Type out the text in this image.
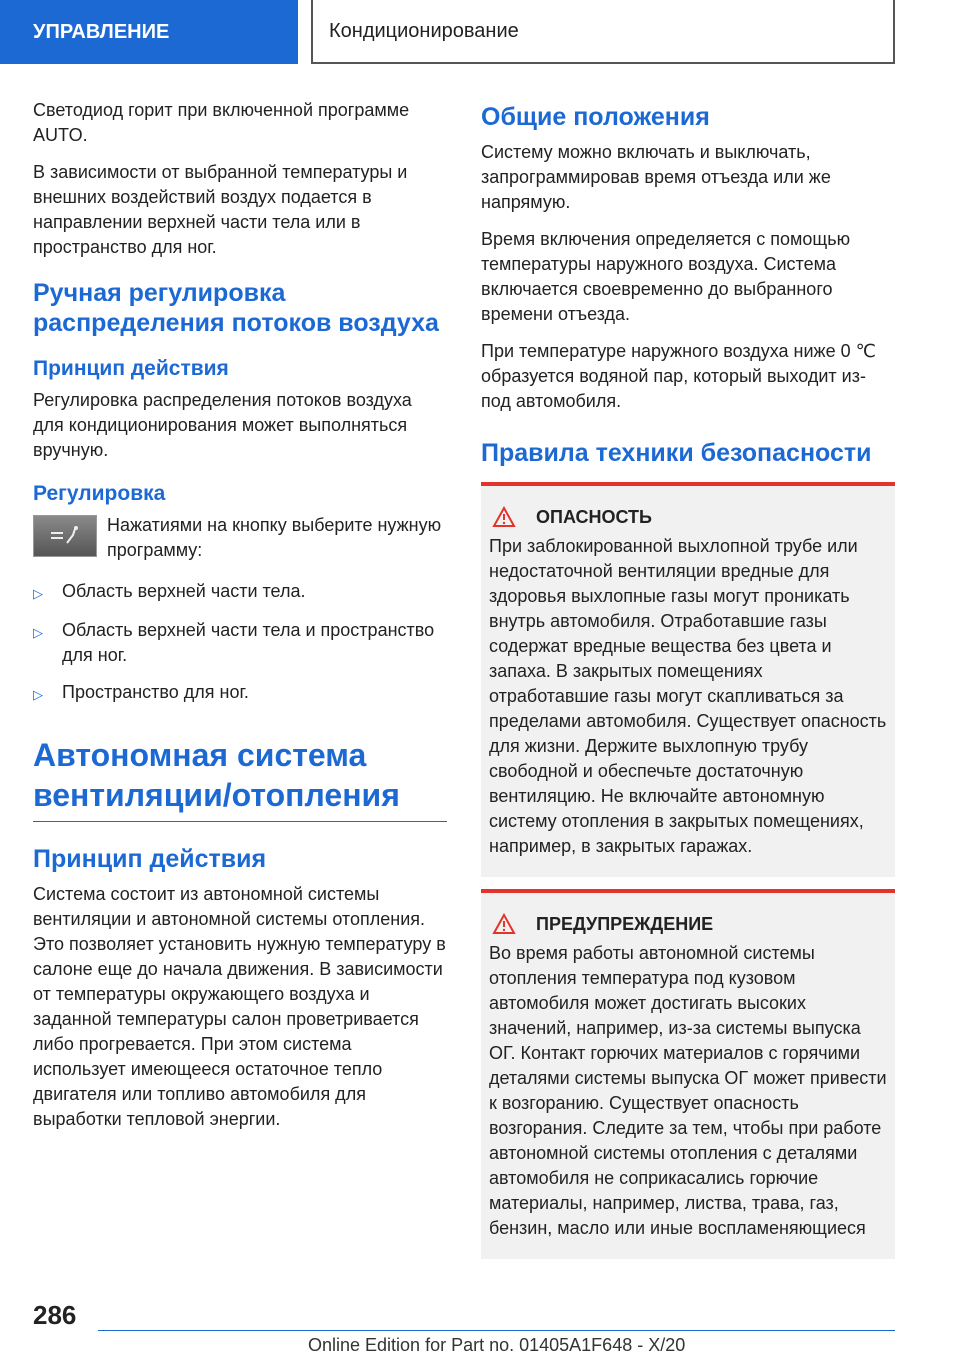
УПРАВЛЕНИЕ	Кондиционирование

Светодиод горит при включенной программе AUTO.

В зависимости от выбранной температуры и внешних воздействий воздух подается в направлении верхней части тела или в пространство для ног.

Ручная регулировка распределения потоков воздуха
Принцип действия

Регулировка распределения потоков воздуха для кондиционирования может выполняться вручную.

Регулировка

Нажатиями на кнопку выберите нужную программу:

▷	Область верхней части тела.
▷	Область верхней части тела и пространство для ног.
▷	Пространство для ног.
Автономная система вентиляции/отопления
Принцип действия

Система состоит из автономной системы вентиляции и автономной системы отопления. Это позволяет установить нужную температуру в салоне еще до начала движения. В зависимости от температуры окружающего воздуха и заданной температуры салон проветривается либо прогревается. При этом система использует имеющееся остаточное тепло двигателя или топливо автомобиля для выработки тепловой энергии.

Общие положения

Систему можно включать и выключать, запрограммировав время отъезда или же напрямую.

Время включения определяется с помощью температуры наружного воздуха. Система включается своевременно до выбранного времени отъезда.

При температуре наружного воздуха ниже 0 ℃ образуется водяной пар, который выходит из-под автомобиля.

Правила техники безопасности
ОПАСНОСТЬ

При заблокированной выхлопной трубе или недостаточной вентиляции вредные для здоровья выхлопные газы могут проникать внутрь автомобиля. Отработавшие газы содержат вредные вещества без цвета и запаха. В закрытых помещениях отработавшие газы могут скапливаться за пределами автомобиля. Существует опасность для жизни. Держите выхлопную трубу свободной и обеспечьте достаточную вентиляцию. Не включайте автономную систему отопления в закрытых помещениях, например, в закрытых гаражах.

ПРЕДУПРЕЖДЕНИЕ

Во время работы автономной системы отопления температура под кузовом автомобиля может достигать высоких значений, например, из-за системы выпуска ОГ. Контакт горючих материалов с горячими деталями системы выпуска ОГ может привести к возгоранию. Существует опасность возгорания. Следите за тем, чтобы при работе автономной системы отопления с деталями автомобиля не соприкасались горючие материалы, например, листва, трава, газ, бензин, масло или иные воспламеняющиеся

286
Online Edition for Part no. 01405A1F648 - X/20
